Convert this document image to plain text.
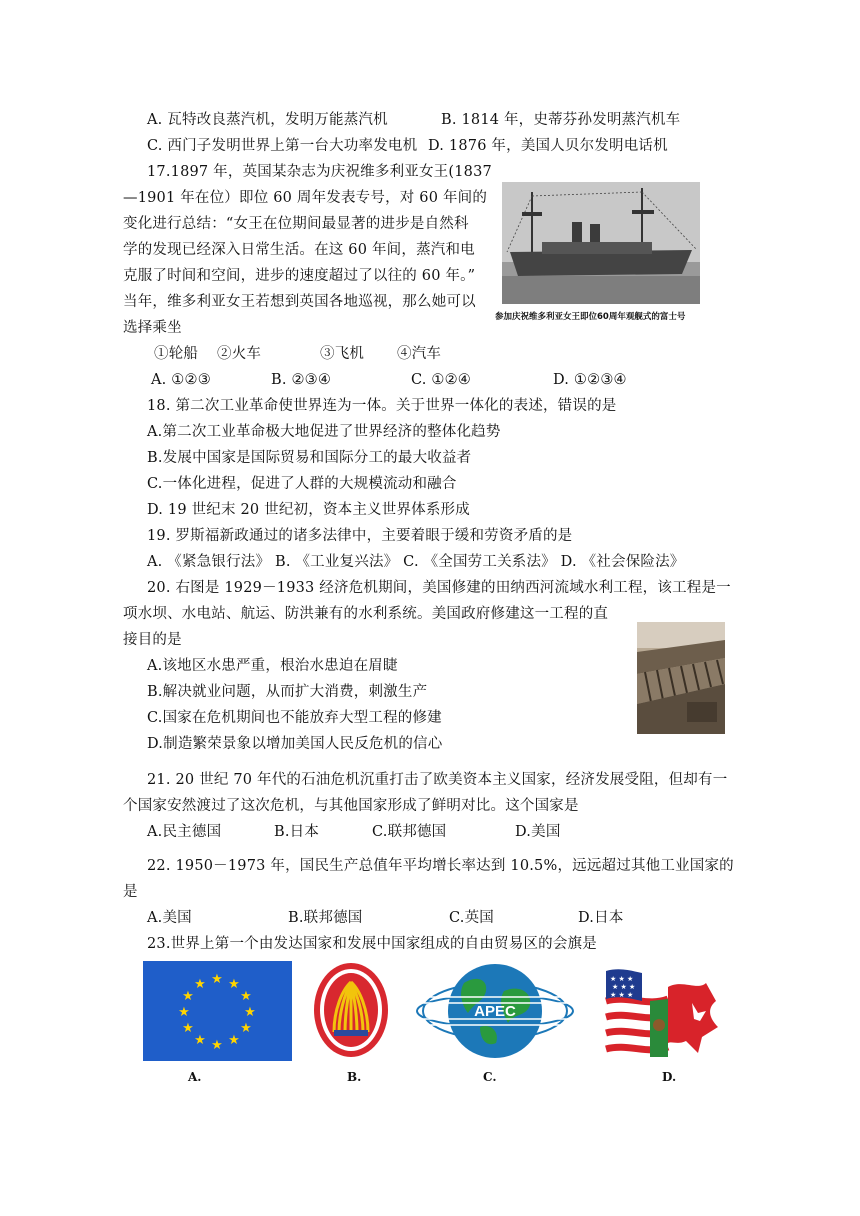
A. 瓦特改良蒸汽机，发明万能蒸汽机	B. 1814 年，史蒂芬孙发明蒸汽机车
C. 西门子发明世界上第一台大功率发电机 D. 1876 年，美国人贝尔发明电话机
17.1897 年，英国某杂志为庆祝维多利亚女王(1837
—1901 年在位）即位 60 周年发表专号，对 60 年间的
变化进行总结：“女王在位期间最显著的进步是自然科
学的发现已经深入日常生活。在这 60 年间，蒸汽和电
克服了时间和空间，进步的速度超过了以往的 60 年。”
当年，维多利亚女王若想到英国各地巡视，那么她可以
选择乘坐
参加庆祝维多利亚女王即位60周年观舰式的富士号
①轮船 ②火车	③飞机 ④汽车
A. ①②③	B. ②③④	C. ①②④	D. ①②③④
18. 第二次工业革命使世界连为一体。关于世界一体化的表述，错误的是
A.第二次工业革命极大地促进了世界经济的整体化趋势
B.发展中国家是国际贸易和国际分工的最大收益者
C.一体化进程，促进了人群的大规模流动和融合
D. 19 世纪末 20 世纪初，资本主义世界体系形成
19. 罗斯福新政通过的诸多法律中，主要着眼于缓和劳资矛盾的是
A. 《紧急银行法》 B. 《工业复兴法》 C. 《全国劳工关系法》 D. 《社会保险法》
20. 右图是 1929－1933 经济危机期间，美国修建的田纳西河流域水利工程，该工程是一
项水坝、水电站、航运、防洪兼有的水利系统。美国政府修建这一工程的直
接目的是
A.该地区水患严重，根治水患迫在眉睫
B.解决就业问题，从而扩大消费，刺激生产
C.国家在危机期间也不能放弃大型工程的修建
D.制造繁荣景象以增加美国人民反危机的信心
21. 20 世纪 70 年代的石油危机沉重打击了欧美资本主义国家，经济发展受阻，但却有一
个国家安然渡过了这次危机，与其他国家形成了鲜明对比。这个国家是
A.民主德国	B.日本	C.联邦德国	D.美国
22. 1950－1973 年，国民生产总值年平均增长率达到 10.5%，远远超过其他工业国家的
是
A.美国	B.联邦德国	C.英国	D.日本
23.世界上第一个由发达国家和发展中国家组成的自由贸易区的会旗是
★ ★
★
★
★
★
★
★
★
★
★
★
APEC
★ ★ ★
★ ★ ★
★ ★ ★
A.	B.	C.	D.
